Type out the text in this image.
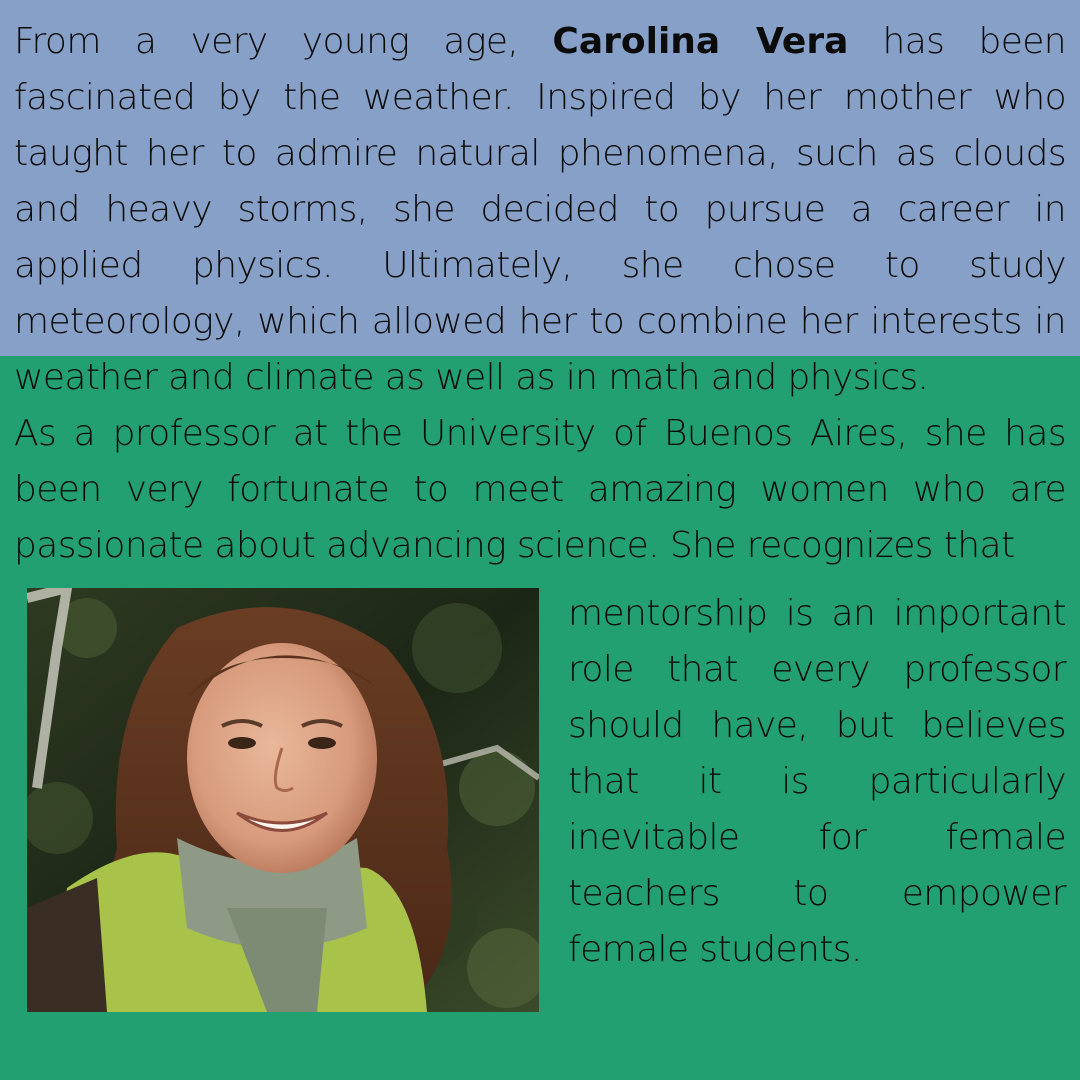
From a very young age, Carolina Vera has been fascinated by the weather. Inspired by her mother who taught her to admire natural phenomena, such as clouds and heavy storms, she decided to pursue a career in applied physics. Ultimately, she chose to study meteorology, which allowed her to combine her interests in weather and climate as well as in math and physics.
As a professor at the University of Buenos Aires, she has been very fortunate to meet amazing women who are passionate about advancing science. She recognizes that
mentorship is an important role that every professor should have, but believes that it is particularly inevitable for female teachers to empower female students.
